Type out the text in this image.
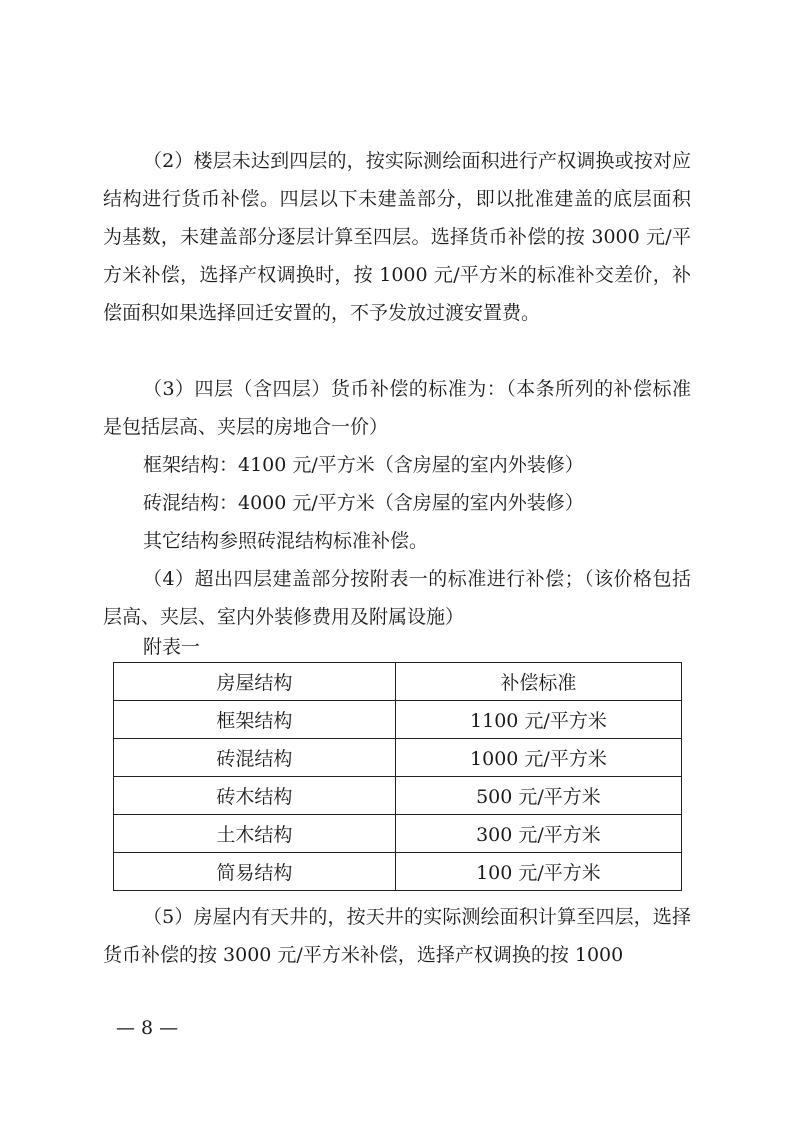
（2）楼层未达到四层的，按实际测绘面积进行产权调换或按对应结构进行货币补偿。四层以下未建盖部分，即以批准建盖的底层面积为基数，未建盖部分逐层计算至四层。选择货币补偿的按 3000 元/平方米补偿，选择产权调换时，按 1000 元/平方米的标准补交差价，补偿面积如果选择回迁安置的，不予发放过渡安置费。

（3）四层（含四层）货币补偿的标准为：（本条所列的补偿标准是包括层高、夹层的房地合一价）

框架结构：4100 元/平方米（含房屋的室内外装修）

砖混结构：4000 元/平方米（含房屋的室内外装修）

其它结构参照砖混结构标准补偿。

（4）超出四层建盖部分按附表一的标准进行补偿；（该价格包括层高、夹层、室内外装修费用及附属设施）

附表一

房屋结构	补偿标准
框架结构	1100 元/平方米
砖混结构	1000 元/平方米
砖木结构	500 元/平方米
土木结构	300 元/平方米
简易结构	100 元/平方米

（5）房屋内有天井的，按天井的实际测绘面积计算至四层，选择货币补偿的按 3000 元/平方米补偿，选择产权调换的按 1000

— 8 —
